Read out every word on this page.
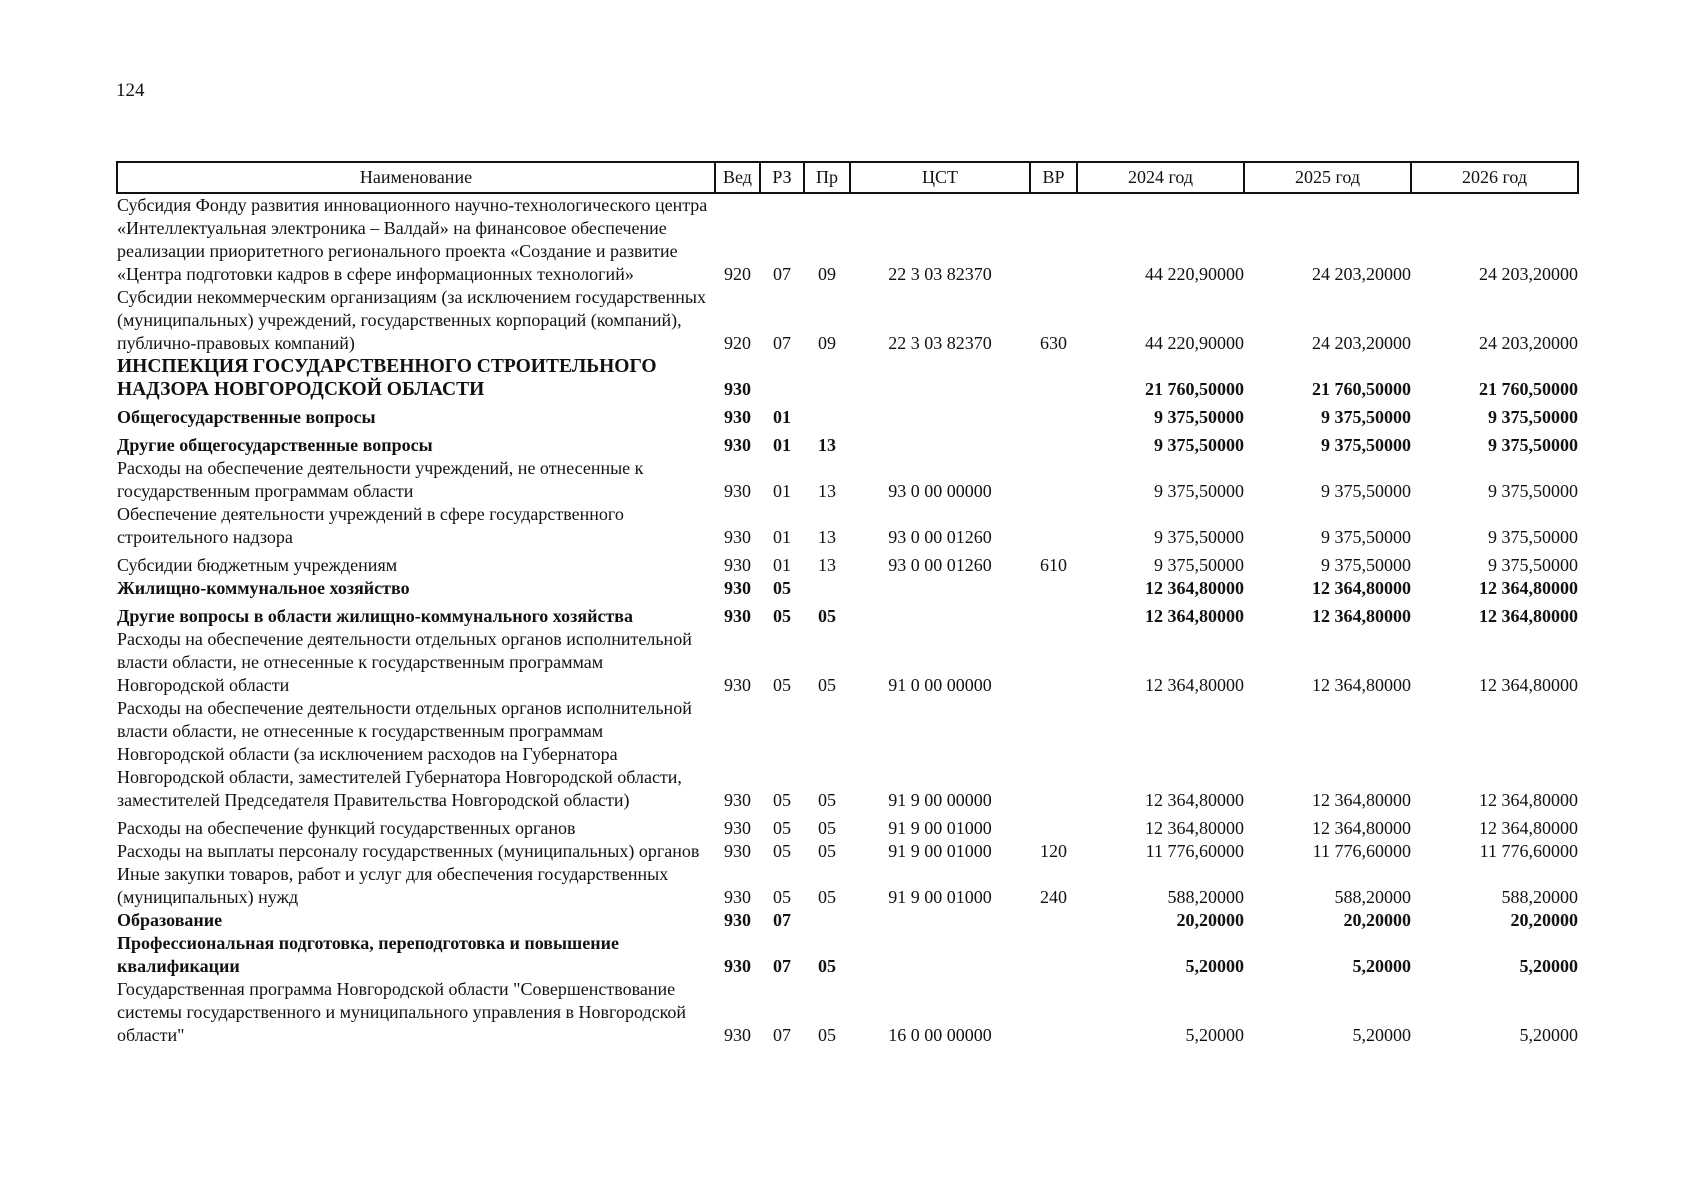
124
Наименование	Вед	РЗ	Пр	ЦСТ	ВР	2024 год	2025 год	2026 год
Субсидия Фонду развития инновационного научно-технологического центра «Интеллектуальная электроника – Валдай» на финансовое обеспечение реализации приоритетного регионального проекта «Создание и развитие «Центра подготовки кадров в сфере информационных технологий»	920	07	09	22 3 03 82370		44 220,90000	24 203,20000	24 203,20000
Субсидии некоммерческим организациям (за исключением государственных (муниципальных) учреждений, государственных корпораций (компаний), публично-правовых компаний)	920	07	09	22 3 03 82370	630	44 220,90000	24 203,20000	24 203,20000
ИНСПЕКЦИЯ ГОСУДАРСТВЕННОГО СТРОИТЕЛЬНОГО НАДЗОРА НОВГОРОДСКОЙ ОБЛАСТИ	930					21 760,50000	21 760,50000	21 760,50000
Общегосударственные вопросы	930	01				9 375,50000	9 375,50000	9 375,50000
Другие общегосударственные вопросы	930	01	13			9 375,50000	9 375,50000	9 375,50000
Расходы на обеспечение деятельности учреждений, не отнесенные к государственным программам области	930	01	13	93 0 00 00000		9 375,50000	9 375,50000	9 375,50000
Обеспечение деятельности учреждений в сфере государственного строительного надзора	930	01	13	93 0 00 01260		9 375,50000	9 375,50000	9 375,50000
Субсидии бюджетным учреждениям	930	01	13	93 0 00 01260	610	9 375,50000	9 375,50000	9 375,50000
Жилищно-коммунальное хозяйство	930	05				12 364,80000	12 364,80000	12 364,80000
Другие вопросы в области жилищно-коммунального хозяйства	930	05	05			12 364,80000	12 364,80000	12 364,80000
Расходы на обеспечение деятельности отдельных органов исполнительной власти области, не отнесенные к государственным программам Новгородской области	930	05	05	91 0 00 00000		12 364,80000	12 364,80000	12 364,80000
Расходы на обеспечение деятельности отдельных органов исполнительной власти области, не отнесенные к государственным программам Новгородской области (за исключением расходов на Губернатора Новгородской области, заместителей Губернатора Новгородской области, заместителей Председателя Правительства Новгородской области)	930	05	05	91 9 00 00000		12 364,80000	12 364,80000	12 364,80000
Расходы на обеспечение функций государственных органов	930	05	05	91 9 00 01000		12 364,80000	12 364,80000	12 364,80000
Расходы на выплаты персоналу государственных (муниципальных) органов	930	05	05	91 9 00 01000	120	11 776,60000	11 776,60000	11 776,60000
Иные закупки товаров, работ и услуг для обеспечения государственных (муниципальных) нужд	930	05	05	91 9 00 01000	240	588,20000	588,20000	588,20000
Образование	930	07				20,20000	20,20000	20,20000
Профессиональная подготовка, переподготовка и повышение квалификации	930	07	05			5,20000	5,20000	5,20000
Государственная программа Новгородской области "Совершенствование системы государственного и муниципального управления в Новгородской области"	930	07	05	16 0 00 00000		5,20000	5,20000	5,20000
